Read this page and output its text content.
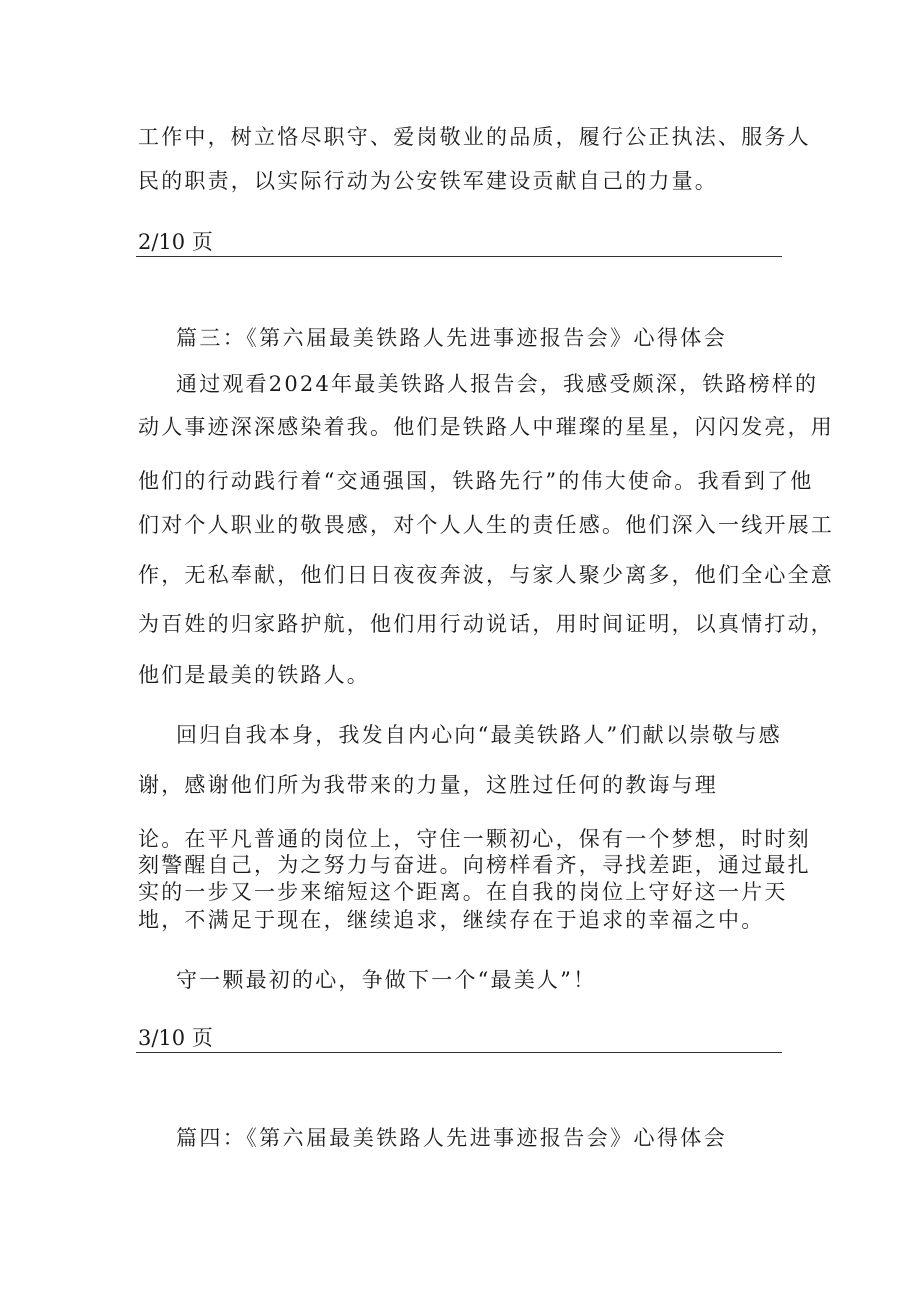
工作中，树立恪尽职守、爱岗敬业的品质，履行公正执法、服务人
民的职责，以实际行动为公安铁军建设贡献自己的力量。
2/10 页
篇三：《第六届最美铁路人先进事迹报告会》心得体会
通过观看2024年最美铁路人报告会，我感受颇深，铁路榜样的
动人事迹深深感染着我。他们是铁路人中璀璨的星星，闪闪发亮，用
他们的行动践行着“交通强国，铁路先行”的伟大使命。我看到了他
们对个人职业的敬畏感，对个人人生的责任感。他们深入一线开展工
作，无私奉献，他们日日夜夜奔波，与家人聚少离多，他们全心全意
为百姓的归家路护航，他们用行动说话，用时间证明，以真情打动，
他们是最美的铁路人。
回归自我本身，我发自内心向“最美铁路人”们献以崇敬与感
谢，感谢他们所为我带来的力量，这胜过任何的教诲与理
论。在平凡普通的岗位上，守住一颗初心，保有一个梦想，时时刻
刻警醒自己，为之努力与奋进。向榜样看齐，寻找差距，通过最扎
实的一步又一步来缩短这个距离。在自我的岗位上守好这一片天
地，不满足于现在，继续追求，继续存在于追求的幸福之中。
守一颗最初的心，争做下一个“最美人”！
3/10 页
篇四：《第六届最美铁路人先进事迹报告会》心得体会
